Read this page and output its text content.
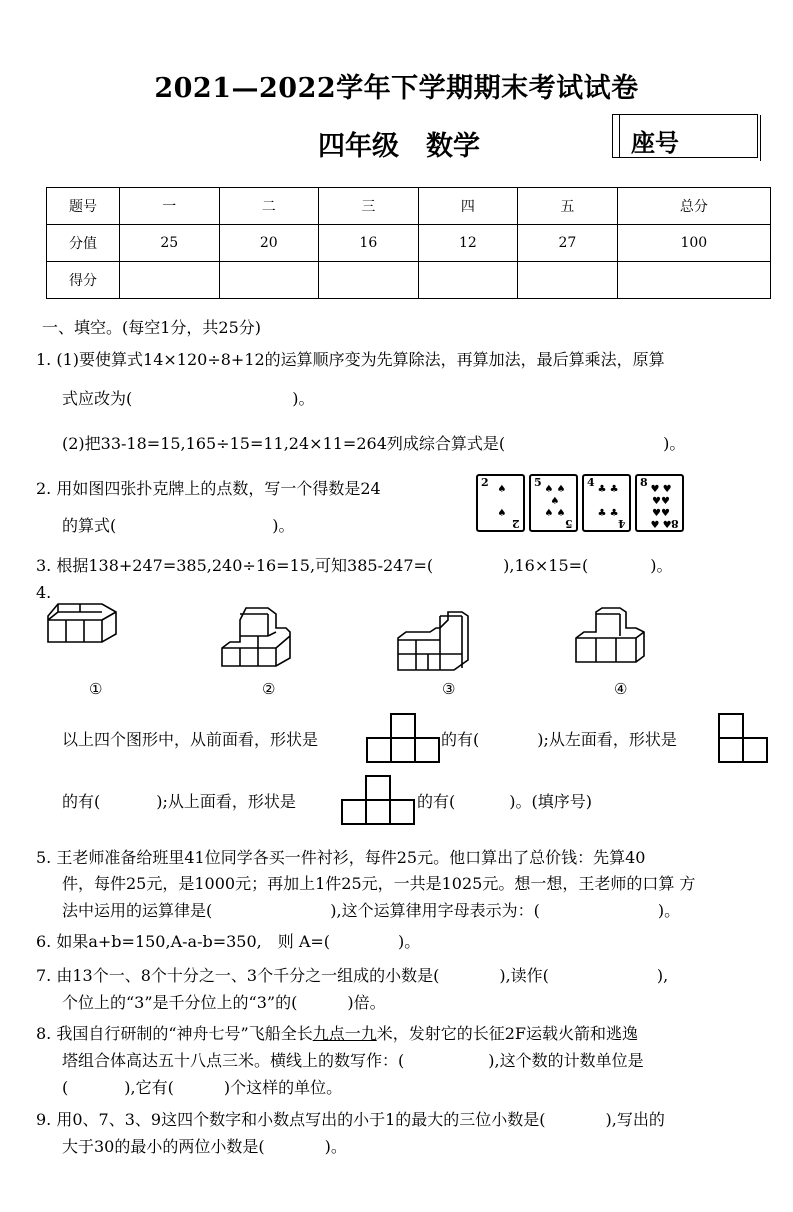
2021—2022学年下学期期末考试试卷
四年级　数学	座号
题号	一	二	三	四	五	总分
分值	25	20	16	12	27	100
得分						
一、填空。(每空1分，共25分)
1. (1)要使算式14×120÷8+12的运算顺序变为先算除法，再算加法，最后算乘法，原算
式应改为(	)。
(2)把33-18=15,165÷15=11,24×11=264列成综合算式是(	)。
2. 用如图四张扑克牌上的点数，写一个得数是24
的算式(	)。
2
♠

♠
2
5
♠ ♠
♠
♠ ♠
5
4
♣ ♣

♣ ♣
4
8
♥ ♥
♥♥
♥♥
♥ ♥ 8
3. 根据138+247=385,240÷16=15,可知385-247=(	),16×15=(	)。
4.
①	②	③	④
以上四个图形中，从前面看，形状是	的有(	);从左面看，形状是
的有(	);从上面看，形状是	的有(	)。(填序号)
5. 王老师准备给班里41位同学各买一件衬衫，每件25元。他口算出了总价钱：先算40
件，每件25元，是1000元；再加上1件25元，一共是1025元。想一想，王老师的口算 方
法中运用的运算律是(	),这个运算律用字母表示为：(	)。
6. 如果a+b=150,A-a-b=350,　则 A=(	)。
7. 由13个一、8个十分之一、3个千分之一组成的小数是(	),读作(	),
个位上的“3”是千分位上的“3”的(	)倍。
8. 我国自行研制的“神舟七号”飞船全长九点一九米，发射它的长征2F运载火箭和逃逸
塔组合体高达五十八点三米。横线上的数写作：(	),这个数的计数单位是
(	),它有(	)个这样的单位。
9. 用0、7、3、9这四个数字和小数点写出的小于1的最大的三位小数是(	),写出的
大于30的最小的两位小数是(	)。
